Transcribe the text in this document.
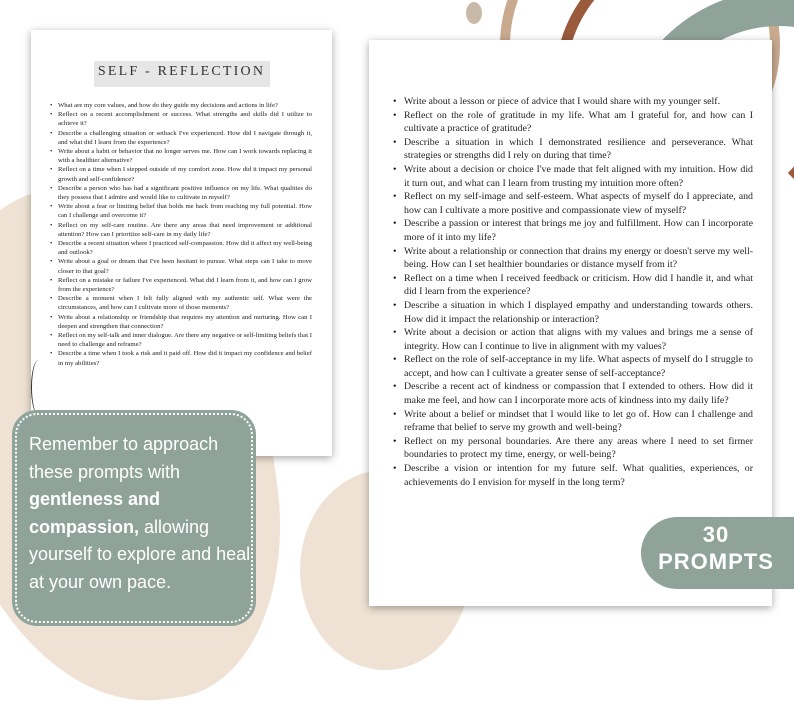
SELF - REFLECTION
• What are my core values, and how do they guide my decisions and actions in life?
• Reflect on a recent accomplishment or success. What strengths and skills did I utilize to achieve it?
• Describe a challenging situation or setback I've experienced. How did I navigate through it, and what did I learn from the experience?
• Write about a habit or behavior that no longer serves me. How can I work towards replacing it with a healthier alternative?
• Reflect on a time when I stepped outside of my comfort zone. How did it impact my personal growth and self-confidence?
• Describe a person who has had a significant positive influence on my life. What qualities do they possess that I admire and would like to cultivate in myself?
• Write about a fear or limiting belief that holds me back from reaching my full potential. How can I challenge and overcome it?
• Reflect on my self-care routine. Are there any areas that need improvement or additional attention? How can I prioritize self-care in my daily life?
• Describe a recent situation where I practiced self-compassion. How did it affect my well-being and outlook?
• Write about a goal or dream that I've been hesitant to pursue. What steps can I take to move closer to that goal?
• Reflect on a mistake or failure I've experienced. What did I learn from it, and how can I grow from the experience?
• Describe a moment when I felt fully aligned with my authentic self. What were the circumstances, and how can I cultivate more of those moments?
• Write about a relationship or friendship that requires my attention and nurturing. How can I deepen and strengthen that connection?
• Reflect on my self-talk and inner dialogue. Are there any negative or self-limiting beliefs that I need to challenge and reframe?
• Describe a time when I took a risk and it paid off. How did it impact my confidence and belief in my abilities?
• Write about a lesson or piece of advice that I would share with my younger self.
• Reflect on the role of gratitude in my life. What am I grateful for, and how can I cultivate a practice of gratitude?
• Describe a situation in which I demonstrated resilience and perseverance. What strategies or strengths did I rely on during that time?
• Write about a decision or choice I've made that felt aligned with my intuition. How did it turn out, and what can I learn from trusting my intuition more often?
• Reflect on my self-image and self-esteem. What aspects of myself do I appreciate, and how can I cultivate a more positive and compassionate view of myself?
• Describe a passion or interest that brings me joy and fulfillment. How can I incorporate more of it into my life?
• Write about a relationship or connection that drains my energy or doesn't serve my well-being. How can I set healthier boundaries or distance myself from it?
• Reflect on a time when I received feedback or criticism. How did I handle it, and what did I learn from the experience?
• Describe a situation in which I displayed empathy and understanding towards others. How did it impact the relationship or interaction?
• Write about a decision or action that aligns with my values and brings me a sense of integrity. How can I continue to live in alignment with my values?
• Reflect on the role of self-acceptance in my life. What aspects of myself do I struggle to accept, and how can I cultivate a greater sense of self-acceptance?
• Describe a recent act of kindness or compassion that I extended to others. How did it make me feel, and how can I incorporate more acts of kindness into my daily life?
• Write about a belief or mindset that I would like to let go of. How can I challenge and reframe that belief to serve my growth and well-being?
• Reflect on my personal boundaries. Are there any areas where I need to set firmer boundaries to protect my time, energy, or well-being?
• Describe a vision or intention for my future self. What qualities, experiences, or achievements do I envision for myself in the long term?
Remember to approach these prompts with gentleness and compassion, allowing yourself to explore and heal at your own pace.
30
PROMPTS
